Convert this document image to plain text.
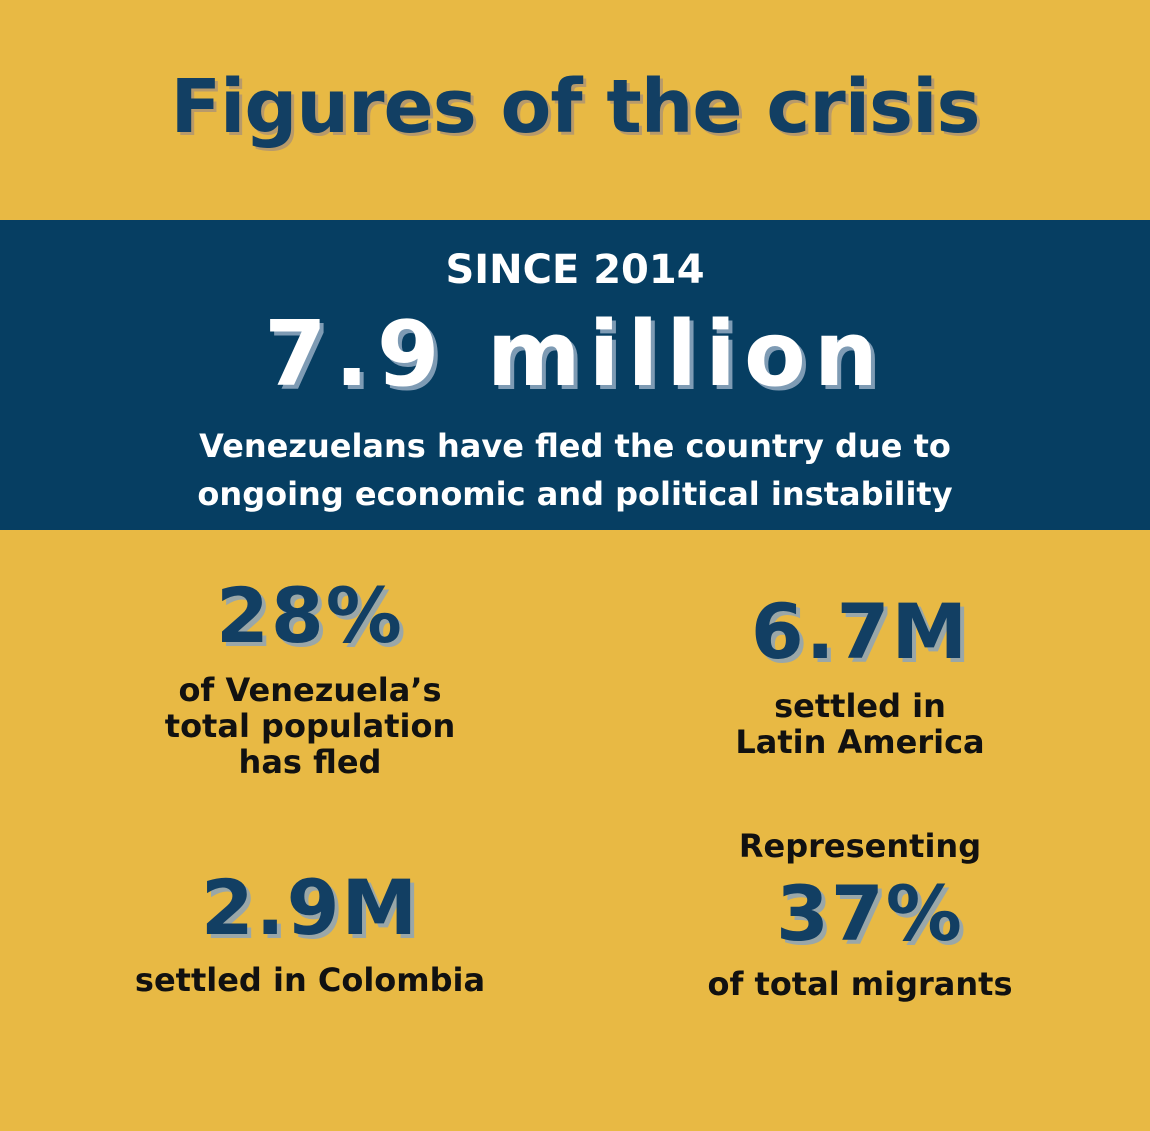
Figures of the crisis
SINCE 2014
7.9 million
Venezuelans have fled the country due to
ongoing economic and political instability
28%
of Venezuela’s
total population
has fled
6.7M
settled in
Latin America
2.9M
settled in Colombia
Representing
37%
of total migrants
